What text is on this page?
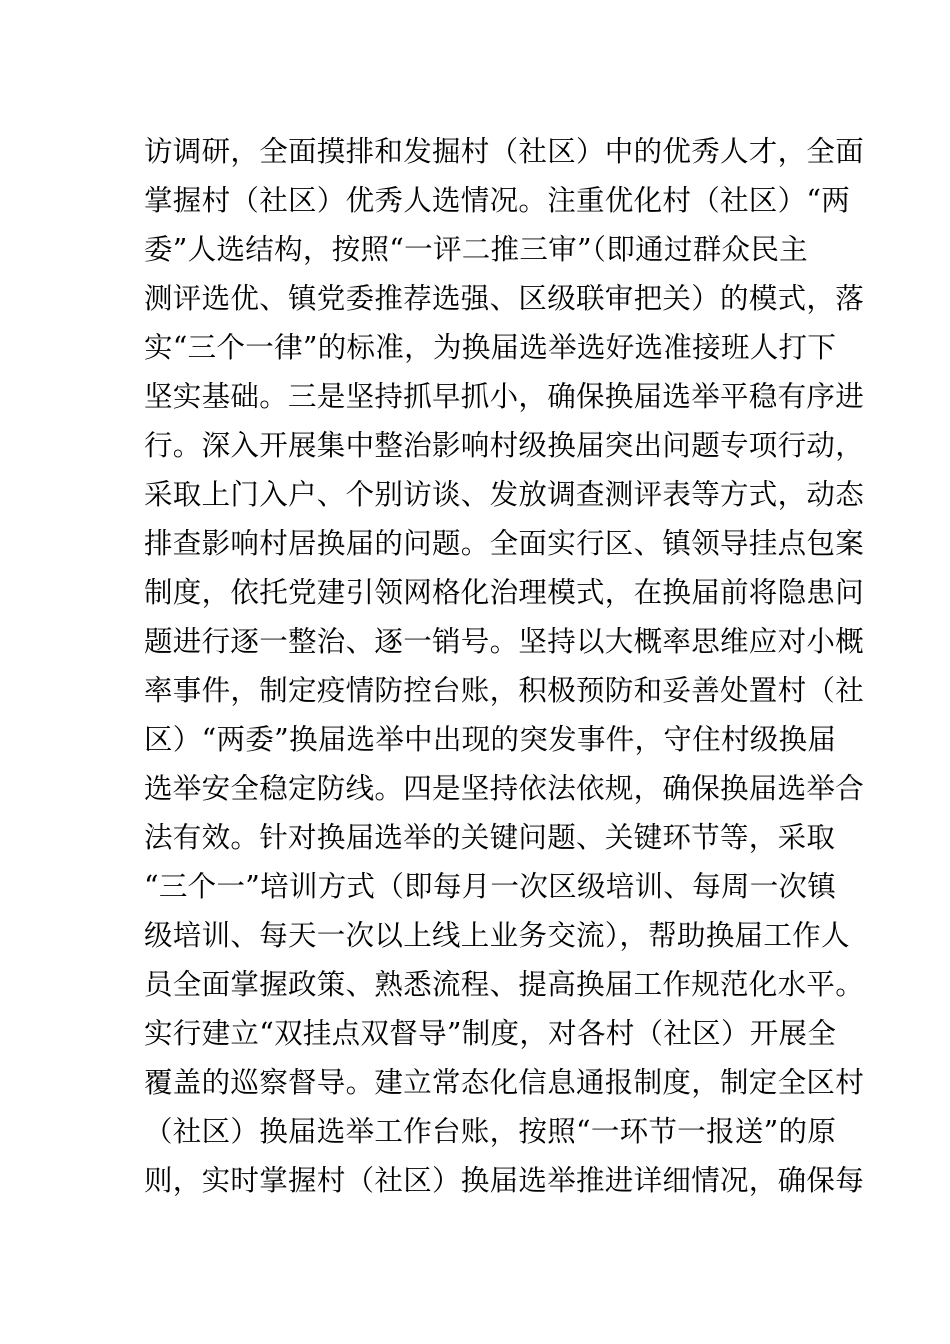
访调研，全面摸排和发掘村（社区）中的优秀人才，全面
掌握村（社区）优秀人选情况。注重优化村（社区）“两
委”人选结构，按照“一评二推三审”（即通过群众民主
测评选优、镇党委推荐选强、区级联审把关）的模式，落
实“三个一律”的标准，为换届选举选好选准接班人打下
坚实基础。三是坚持抓早抓小，确保换届选举平稳有序进
行。深入开展集中整治影响村级换届突出问题专项行动，
采取上门入户、个别访谈、发放调查测评表等方式，动态
排查影响村居换届的问题。全面实行区、镇领导挂点包案
制度，依托党建引领网格化治理模式，在换届前将隐患问
题进行逐一整治、逐一销号。坚持以大概率思维应对小概
率事件，制定疫情防控台账，积极预防和妥善处置村（社
区）“两委”换届选举中出现的突发事件，守住村级换届
选举安全稳定防线。四是坚持依法依规，确保换届选举合
法有效。针对换届选举的关键问题、关键环节等，采取
“三个一”培训方式（即每月一次区级培训、每周一次镇
级培训、每天一次以上线上业务交流），帮助换届工作人
员全面掌握政策、熟悉流程、提高换届工作规范化水平。
实行建立“双挂点双督导”制度，对各村（社区）开展全
覆盖的巡察督导。建立常态化信息通报制度，制定全区村
（社区）换届选举工作台账，按照“一环节一报送”的原
则，实时掌握村（社区）换届选举推进详细情况，确保每
